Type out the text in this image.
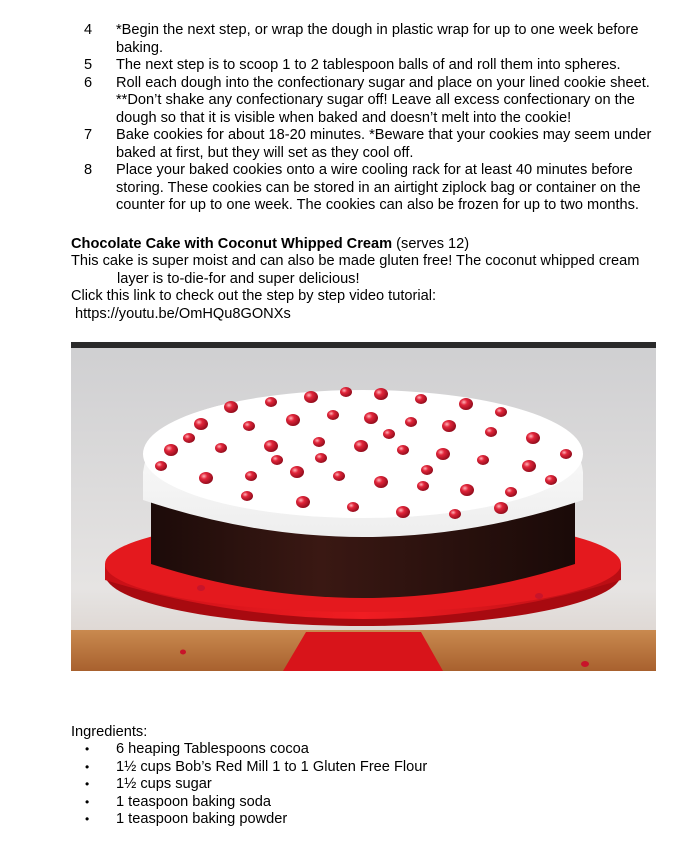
4 *Begin the next step, or wrap the dough in plastic wrap for up to one week before baking.

5 The next step is to scoop 1 to 2 tablespoon balls of and roll them into spheres.

6 Roll each dough into the confectionary sugar and place on your lined cookie sheet. **Don’t shake any confectionary sugar off! Leave all excess confectionary on the dough so that it is visible when baked and doesn’t melt into the cookie!

7 Bake cookies for about 18-20 minutes. *Beware that your cookies may seem under baked at first, but they will set as they cool off.

8 Place your baked cookies onto a wire cooling rack for at least 40 minutes before storing. These cookies can be stored in an airtight ziplock bag or container on the counter for up to one week. The cookies can also be frozen for up to two months.

Chocolate Cake with Coconut Whipped Cream (serves 12)
This cake is super moist and can also be made gluten free! The coconut whipped cream
layer is to-die-for and super delicious!
Click this link to check out the step by step video tutorial:
https://youtu.be/OmHQu8GONXs
Ingredients:
• 6 heaping Tablespoons cocoa
• 1½ cups Bob’s Red Mill 1 to 1 Gluten Free Flour
• 1½ cups sugar
• 1 teaspoon baking soda
• 1 teaspoon baking powder
